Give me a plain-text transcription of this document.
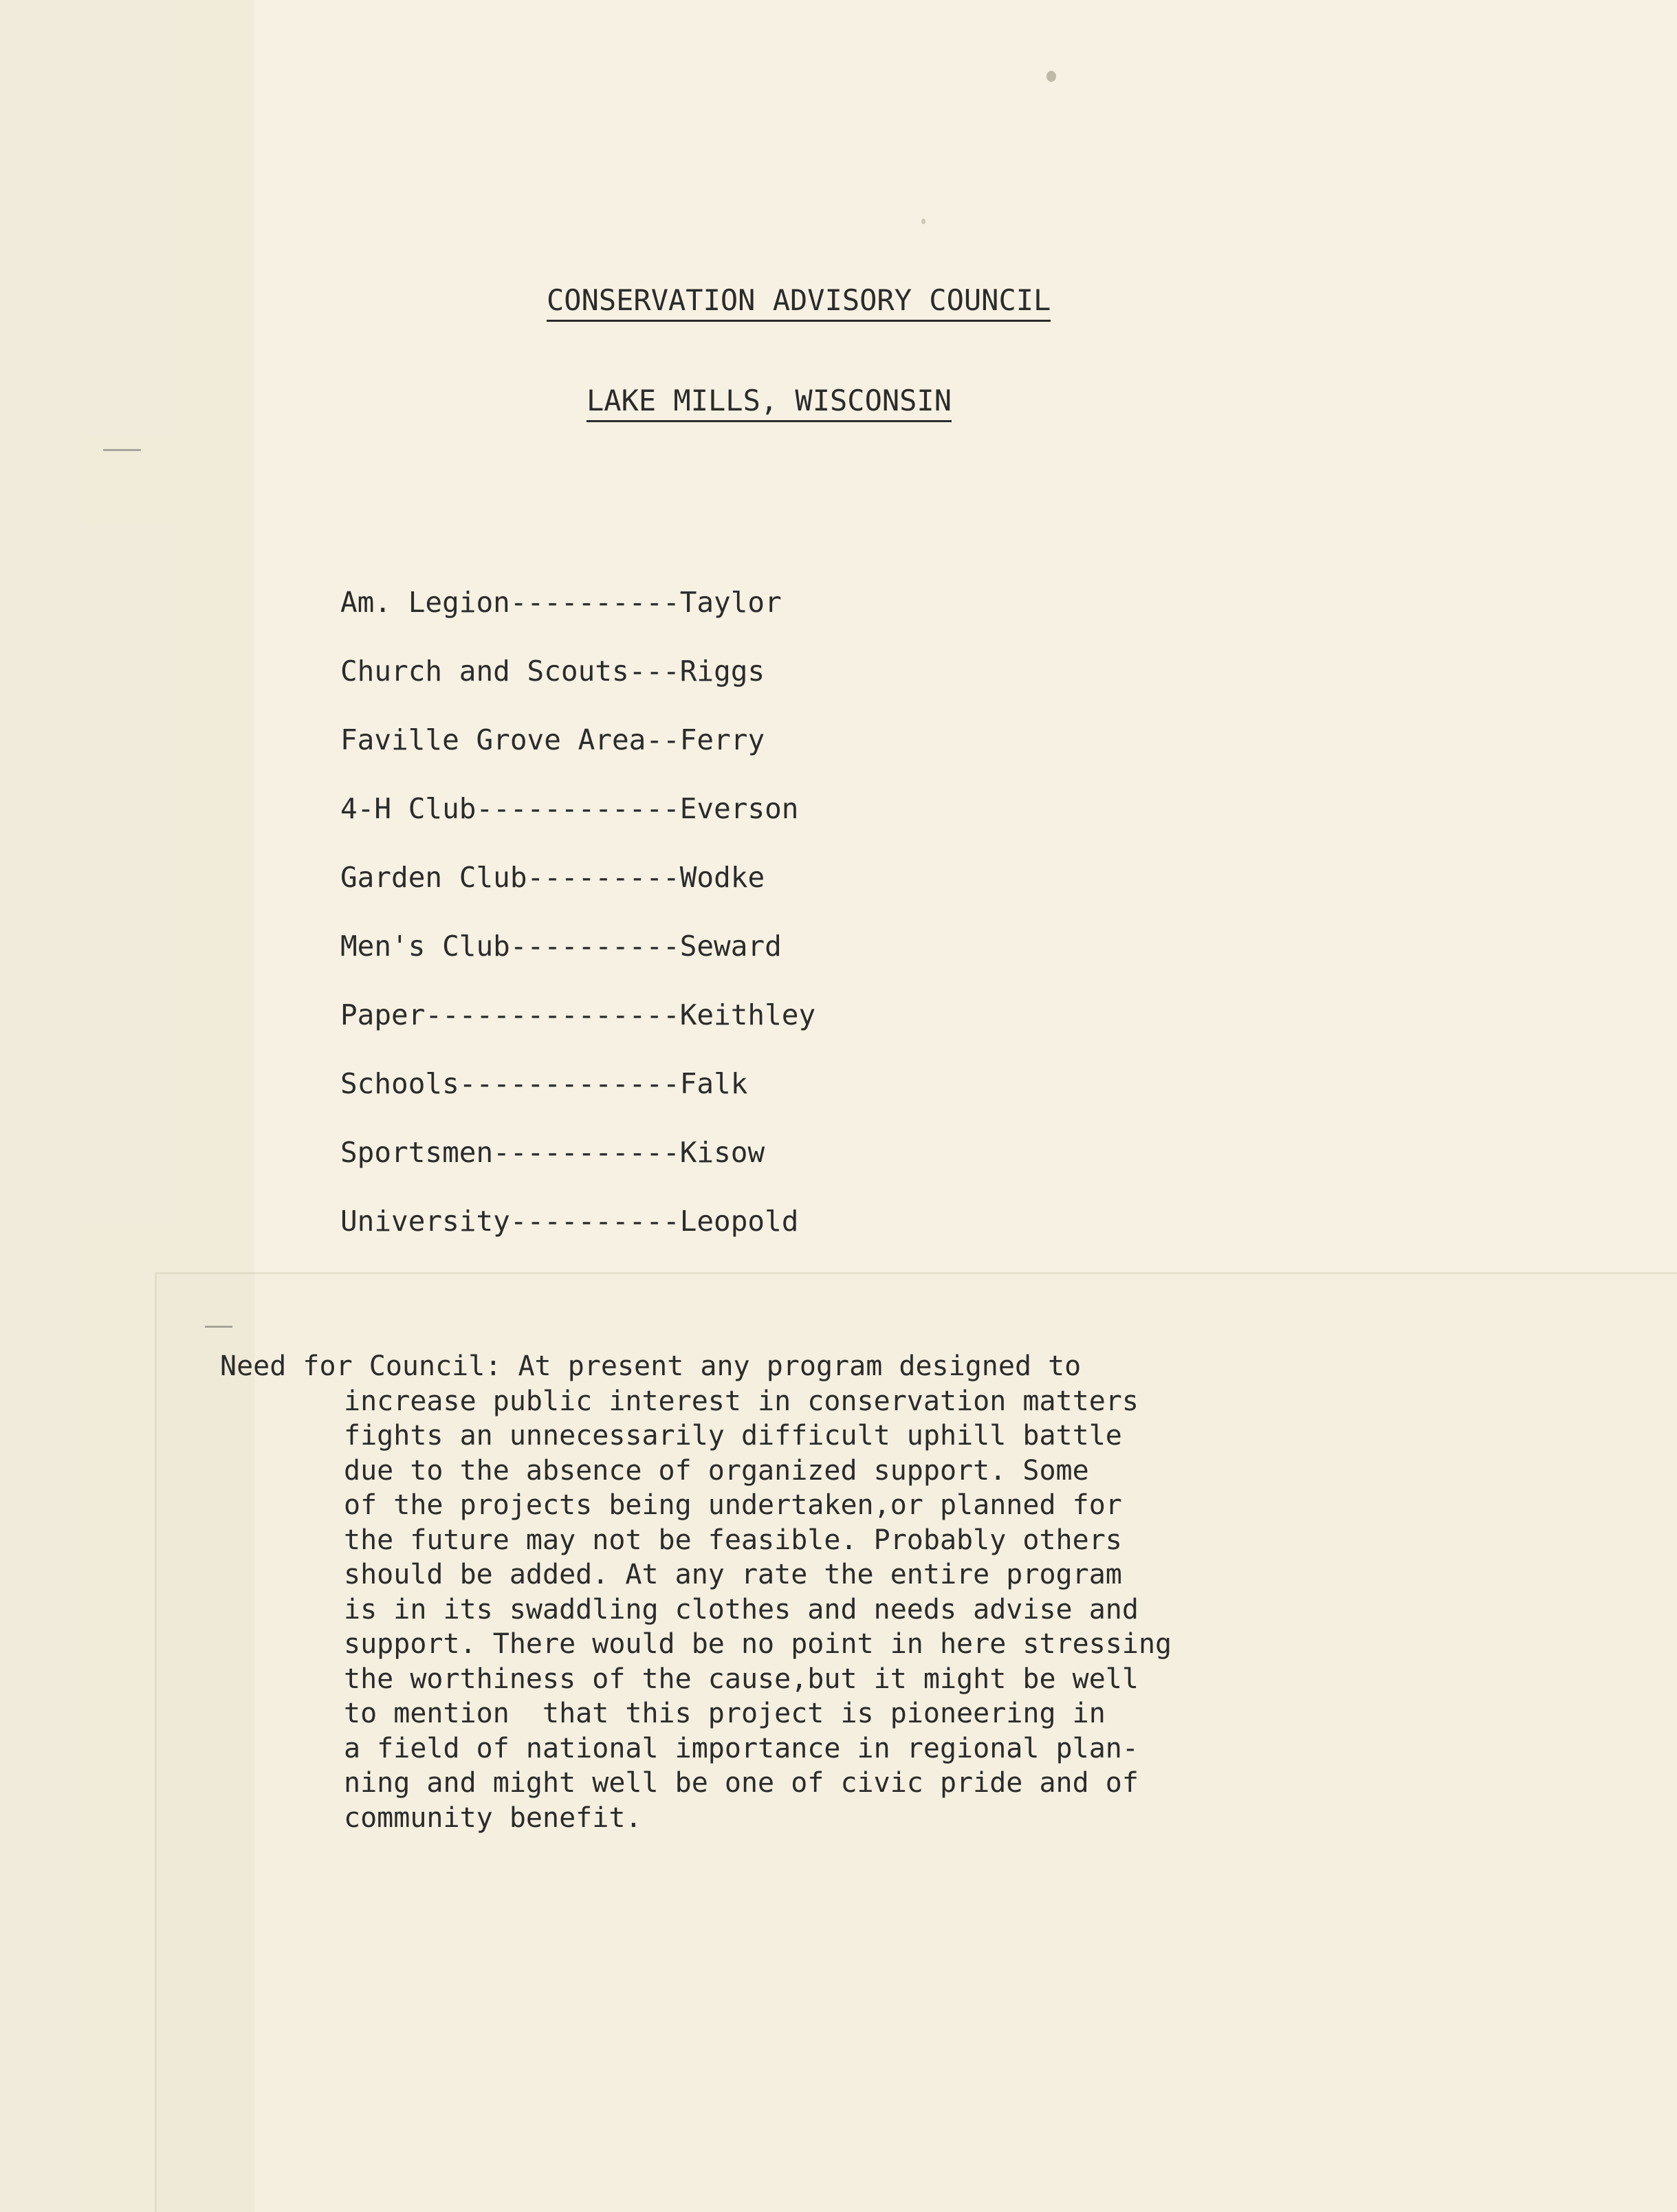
CONSERVATION ADVISORY COUNCIL
LAKE MILLS, WISCONSIN
Am. Legion ---------- Taylor
Church and Scouts --- Riggs
Faville Grove Area -- Ferry
4-H Club ------------ Everson
Garden Club --------- Wodke
Men's Club ---------- Seward
Paper --------------- Keithley
Schools ------------- Falk
Sportsmen ----------- Kisow
University ---------- Leopold
Need for Council: At present any program designed to
increase public interest in conservation matters
fights an unnecessarily difficult uphill battle
due to the absence of organized support. Some
of the projects being undertaken,or planned for
the future may not be feasible. Probably others
should be added. At any rate the entire program
is in its swaddling clothes and needs advise and
support. There would be no point in here stressing
the worthiness of the cause,but it might be well
to mention  that this project is pioneering in
a field of national importance in regional plan-
ning and might well be one of civic pride and of
community benefit.
